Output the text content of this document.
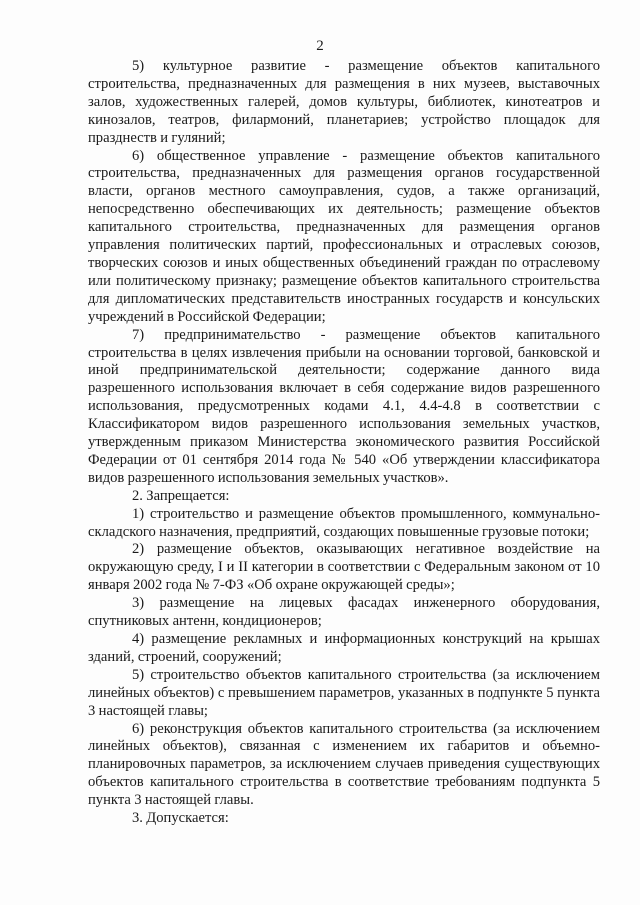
2

5) культурное развитие - размещение объектов капитального строительства, предназначенных для размещения в них музеев, выставочных залов, художественных галерей, домов культуры, библиотек, кинотеатров и кинозалов, театров, филармоний, планетариев; устройство площадок для празднеств и гуляний;

6) общественное управление - размещение объектов капитального строительства, предназначенных для размещения органов государственной власти, органов местного самоуправления, судов, а также организаций, непосредственно обеспечивающих их деятельность; размещение объектов капитального строительства, предназначенных для размещения органов управления политических партий, профессиональных и отраслевых союзов, творческих союзов и иных общественных объединений граждан по отраслевому или политическому признаку; размещение объектов капитального строительства для дипломатических представительств иностранных государств и консульских учреждений в Российской Федерации;

7) предпринимательство - размещение объектов капитального строительства в целях извлечения прибыли на основании торговой, банковской и иной предпринимательской деятельности; содержание данного вида разрешенного использования включает в себя содержание видов разрешенного использования, предусмотренных кодами 4.1, 4.4-4.8 в соответствии с Классификатором видов разрешенного использования земельных участков, утвержденным приказом Министерства экономического развития Российской Федерации от 01 сентября 2014 года № 540 «Об утверждении классификатора видов разрешенного использования земельных участков».

2. Запрещается:

1) строительство и размещение объектов промышленного, коммунально-складского назначения, предприятий, создающих повышенные грузовые потоки;

2) размещение объектов, оказывающих негативное воздействие на окружающую среду, I и II категории в соответствии с Федеральным законом от 10 января 2002 года № 7-ФЗ «Об охране окружающей среды»;

3) размещение на лицевых фасадах инженерного оборудования, спутниковых антенн, кондиционеров;

4) размещение рекламных и информационных конструкций на крышах зданий, строений, сооружений;

5) строительство объектов капитального строительства (за исключением линейных объектов) с превышением параметров, указанных в подпункте 5 пункта 3 настоящей главы;

6) реконструкция объектов капитального строительства (за исключением линейных объектов), связанная с изменением их габаритов и объемно-планировочных параметров, за исключением случаев приведения существующих объектов капитального строительства в соответствие требованиям подпункта 5 пункта 3 настоящей главы.

3. Допускается:
